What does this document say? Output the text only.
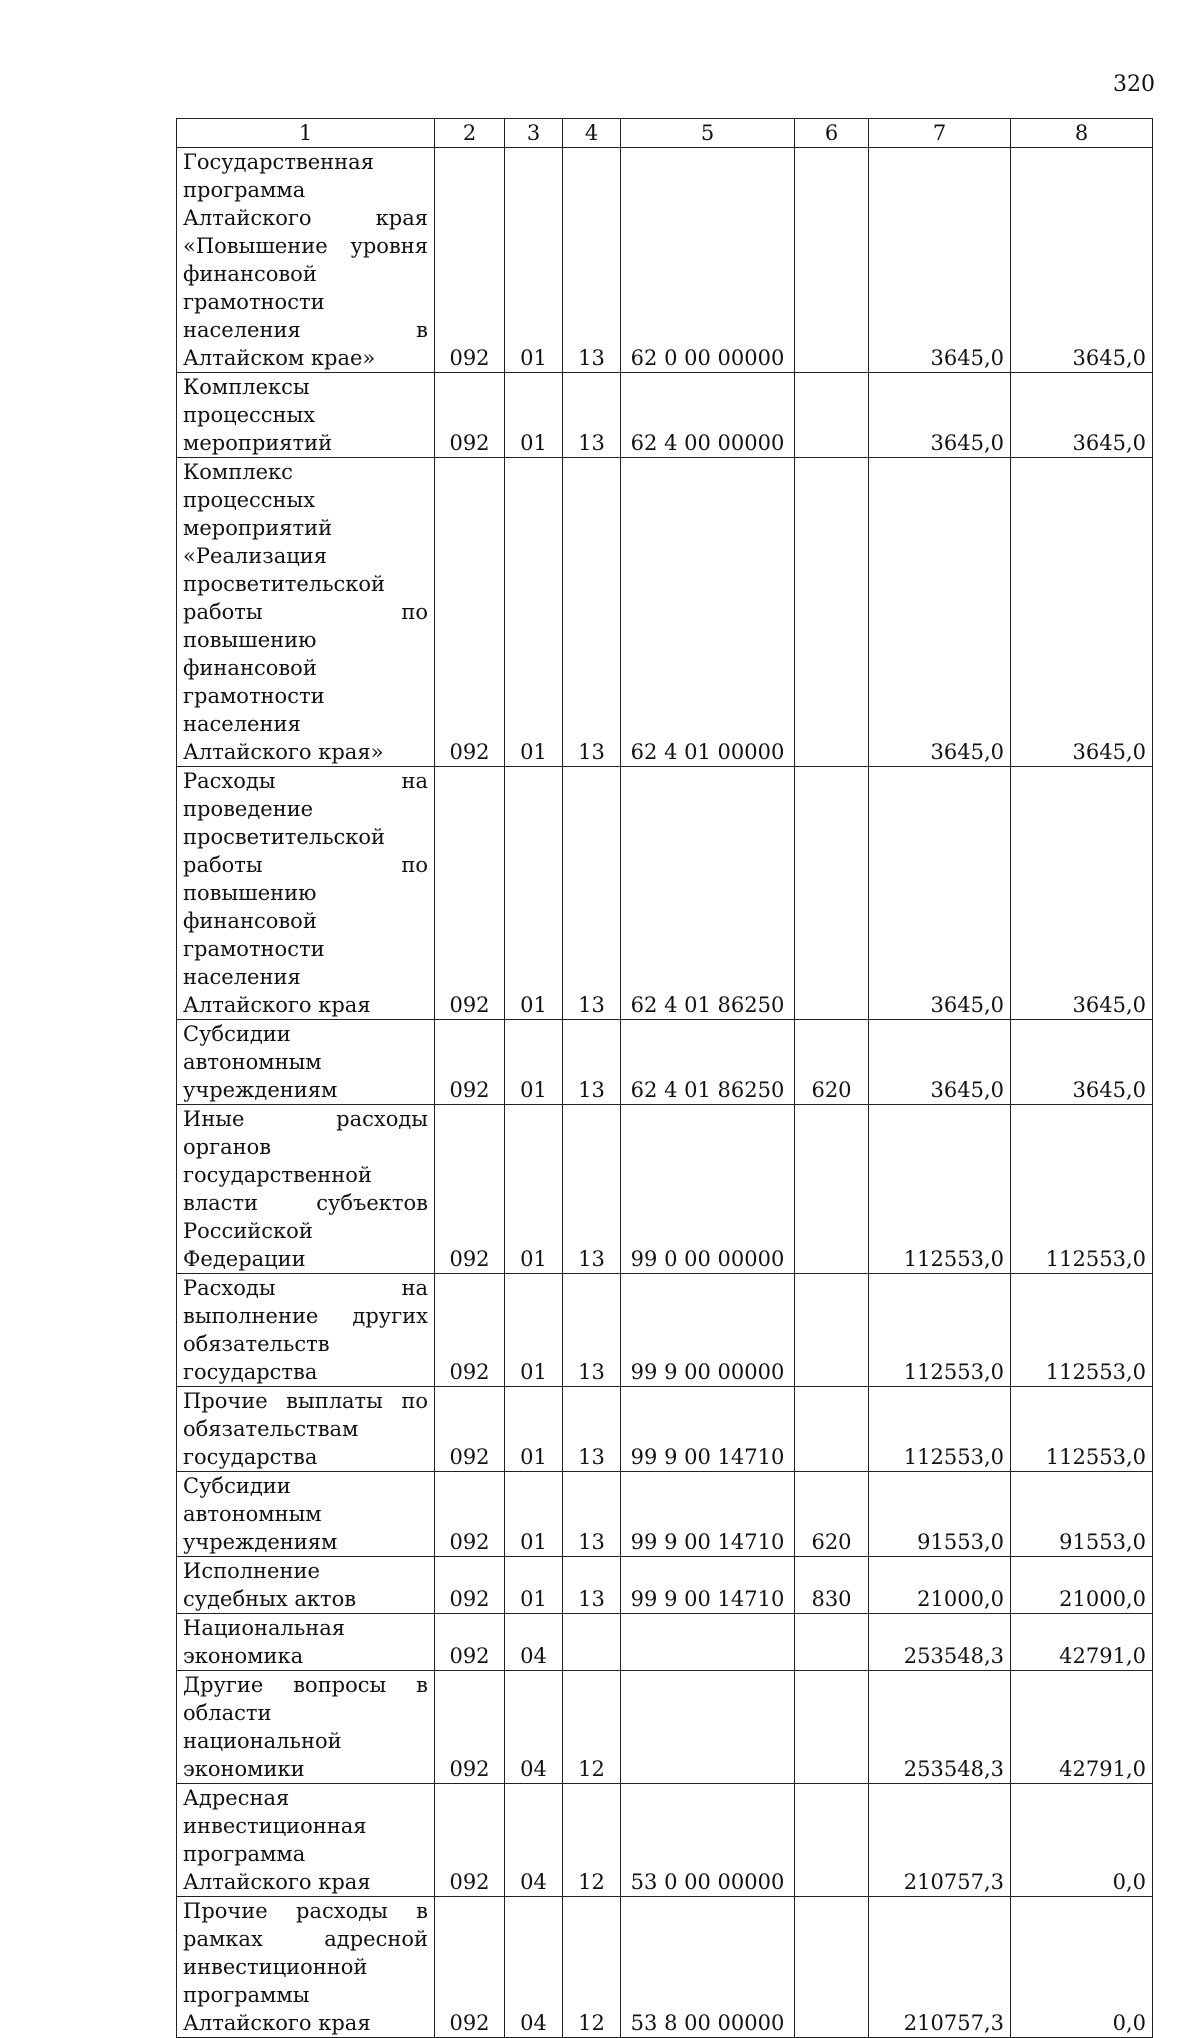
320
1	2	3	4	5	6	7	8
Государственная программа Алтайского края «Повышение уровня финансовой грамотности населения в Алтайском крае»	092	01	13	62 0 00 00000		3645,0	3645,0
Комплексы процессных мероприятий	092	01	13	62 4 00 00000		3645,0	3645,0
Комплекс процессных мероприятий «Реализация просветительской работы по повышению финансовой грамотности населения Алтайского края»	092	01	13	62 4 01 00000		3645,0	3645,0
Расходы на проведение просветительской работы по повышению финансовой грамотности населения Алтайского края	092	01	13	62 4 01 86250		3645,0	3645,0
Субсидии автономным учреждениям	092	01	13	62 4 01 86250	620	3645,0	3645,0
Иные расходы органов государственной власти субъектов Российской Федерации	092	01	13	99 0 00 00000		112553,0	112553,0
Расходы на выполнение других обязательств государства	092	01	13	99 9 00 00000		112553,0	112553,0
Прочие выплаты по обязательствам государства	092	01	13	99 9 00 14710		112553,0	112553,0
Субсидии автономным учреждениям	092	01	13	99 9 00 14710	620	91553,0	91553,0
Исполнение судебных актов	092	01	13	99 9 00 14710	830	21000,0	21000,0
Национальная экономика	092	04				253548,3	42791,0
Другие вопросы в области национальной экономики	092	04	12			253548,3	42791,0
Адресная инвестиционная программа Алтайского края	092	04	12	53 0 00 00000		210757,3	0,0
Прочие расходы в рамках адресной инвестиционной программы Алтайского края	092	04	12	53 8 00 00000		210757,3	0,0
